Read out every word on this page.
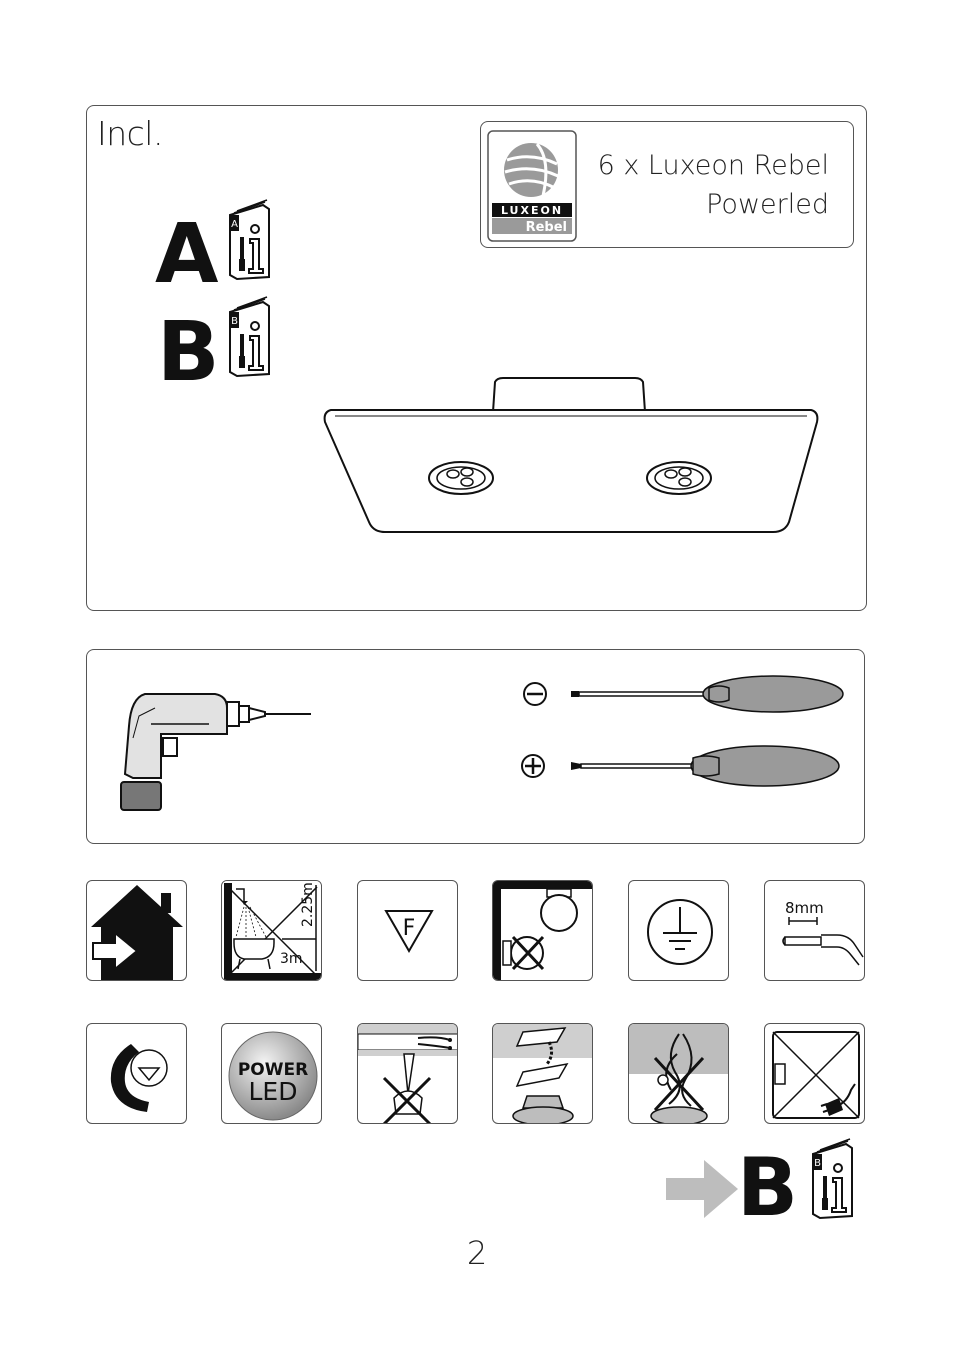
Incl.
A A
B B
LUXEON
Rebel
6 x Luxeon Rebel
Powerled
2.25m
3m
F
8mm
POWER
LED
B B
2
